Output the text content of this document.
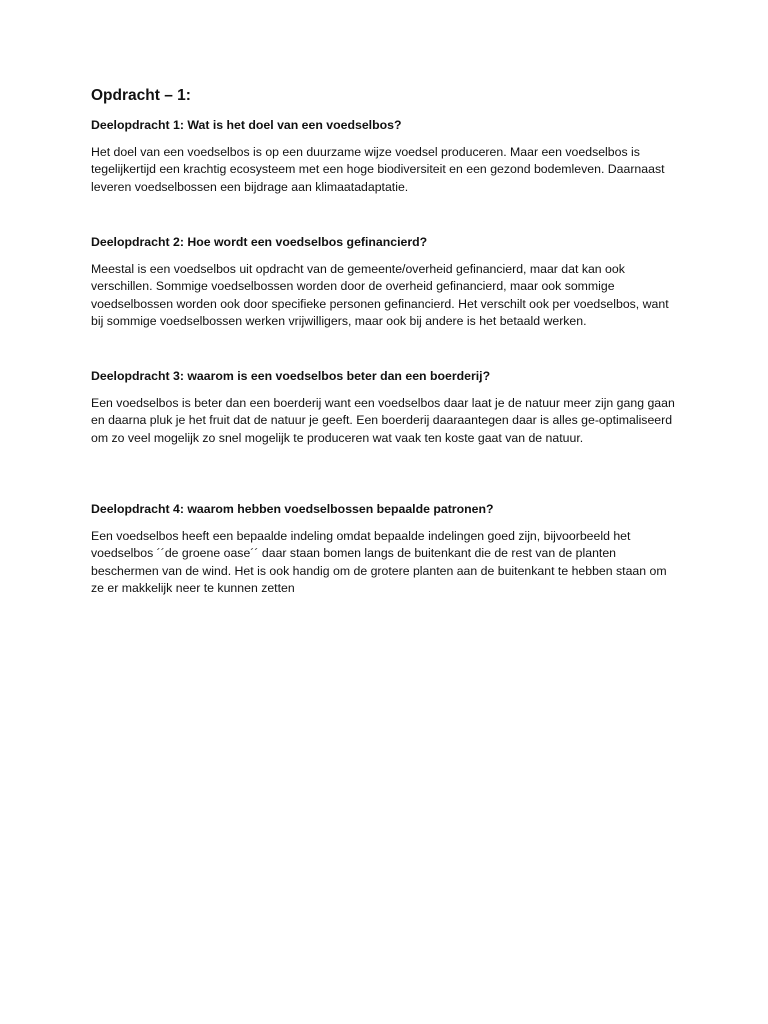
Opdracht – 1:
Deelopdracht 1: Wat is het doel van een voedselbos?

Het doel van een voedselbos is op een duurzame wijze voedsel produceren. Maar een voedselbos is tegelijkertijd een krachtig ecosysteem met een hoge biodiversiteit en een gezond bodemleven. Daarnaast leveren voedselbossen een bijdrage aan klimaatadaptatie.

Deelopdracht 2: Hoe wordt een voedselbos gefinancierd?

Meestal is een voedselbos uit opdracht van de gemeente/overheid gefinancierd, maar dat kan ook verschillen. Sommige voedselbossen worden door de overheid gefinancierd, maar ook sommige voedselbossen worden ook door specifieke personen gefinancierd. Het verschilt ook per voedselbos, want bij sommige voedselbossen werken vrijwilligers, maar ook bij andere is het betaald werken.

Deelopdracht 3: waarom is een voedselbos beter dan een boerderij?

Een voedselbos is beter dan een boerderij want een voedselbos daar laat je de natuur meer zijn gang gaan en daarna pluk je het fruit dat de natuur je geeft. Een boerderij daaraantegen daar is alles ge-optimaliseerd om zo veel mogelijk zo snel mogelijk te produceren wat vaak ten koste gaat van de natuur.

Deelopdracht 4: waarom hebben voedselbossen bepaalde patronen?

Een voedselbos heeft een bepaalde indeling omdat bepaalde indelingen goed zijn, bijvoorbeeld het voedselbos ´´de groene oase´´ daar staan bomen langs de buitenkant die de rest van de planten beschermen van de wind. Het is ook handig om de grotere planten aan de buitenkant te hebben staan om ze er makkelijk neer te kunnen zetten
